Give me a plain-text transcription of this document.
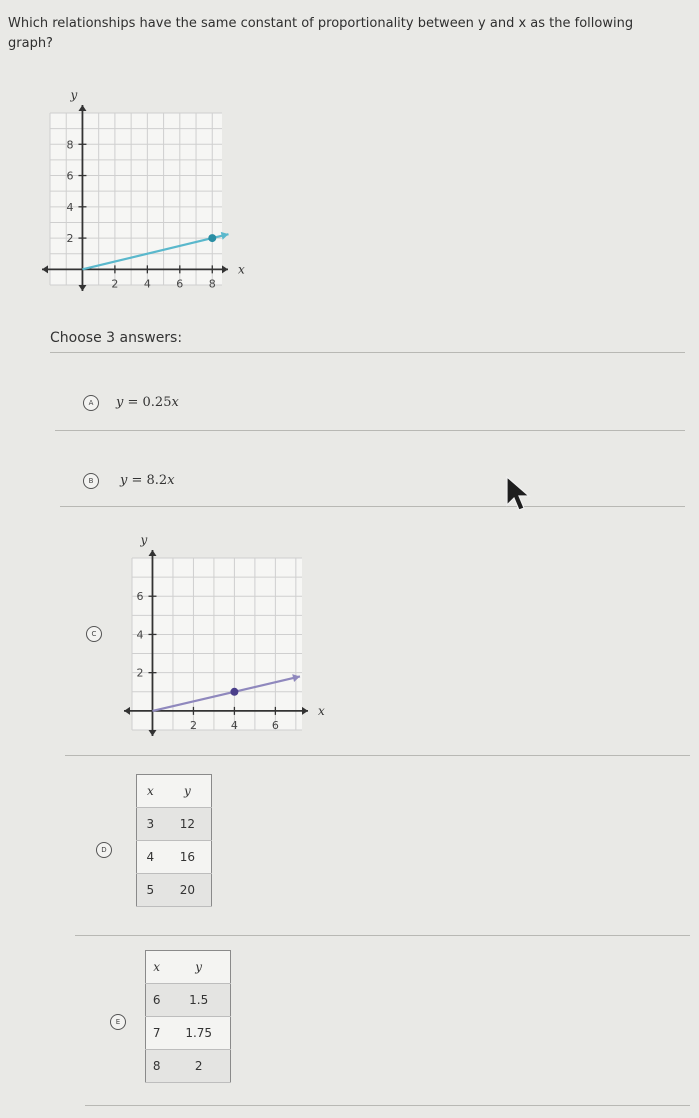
Which relationships have the same constant of proportionality between y and x as the following graph?
2 4 6 8
2
4
6
8
x
y
Choose 3 answers:
A	y = 0.25x
B	y = 8.2x
C
2	4	6
2
4
6
x
y
D
x	y
3	12
4	16
5	20
E
x	y
6	1.5
7	1.75
8	2
